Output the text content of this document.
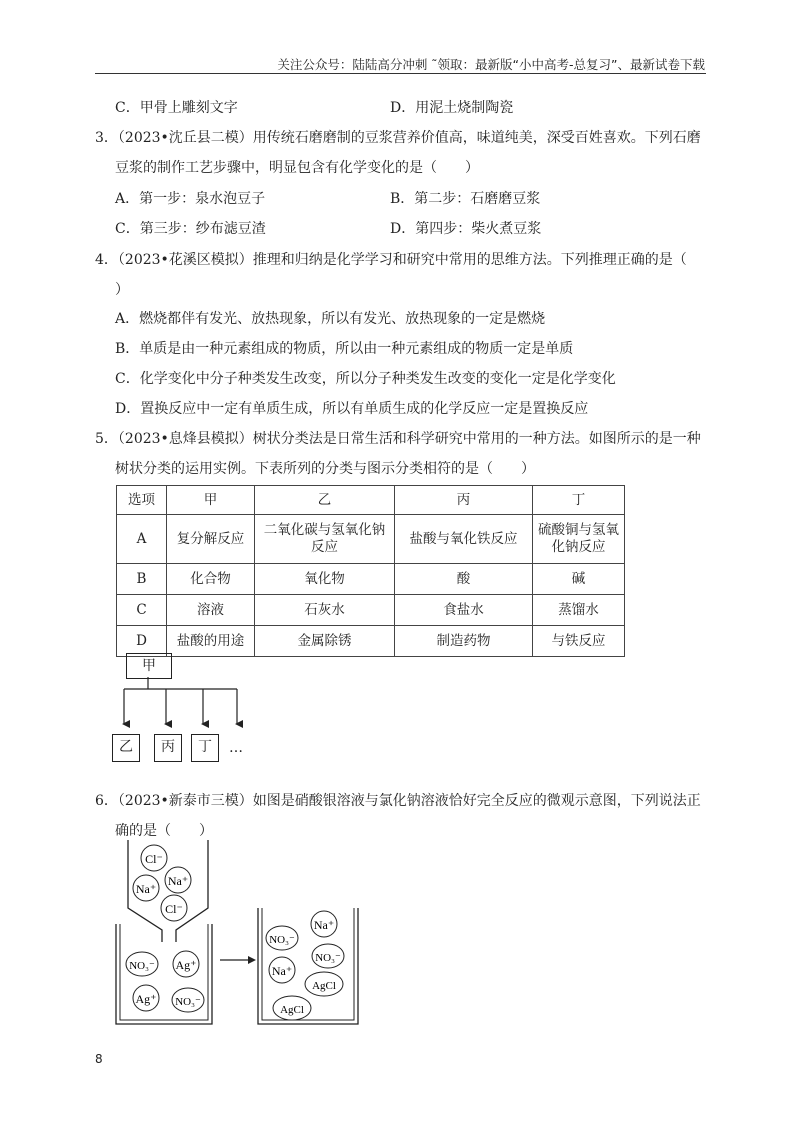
关注公众号：陆陆高分冲刺 ˜领取：最新版“小中高考-总复习”、最新试卷下载
C．甲骨上雕刻文字	D．用泥土烧制陶瓷
3．（2023•沈丘县二模）用传统石磨磨制的豆浆营养价值高，味道纯美，深受百姓喜欢。下列石磨
豆浆的制作工艺步骤中，明显包含有化学变化的是（　　）
A．第一步：泉水泡豆子	B．第二步：石磨磨豆浆
C．第三步：纱布滤豆渣	D．第四步：柴火煮豆浆
4．（2023•花溪区模拟）推理和归纳是化学学习和研究中常用的思维方法。下列推理正确的是（
）
A．燃烧都伴有发光、放热现象，所以有发光、放热现象的一定是燃烧
B．单质是由一种元素组成的物质，所以由一种元素组成的物质一定是单质
C．化学变化中分子种类发生改变，所以分子种类发生改变的变化一定是化学变化
D．置换反应中一定有单质生成，所以有单质生成的化学反应一定是置换反应
5．（2023•息烽县模拟）树状分类法是日常生活和科学研究中常用的一种方法。如图所示的是一种
树状分类的运用实例。下表所列的分类与图示分类相符的是（　　）
选项	甲	乙	丙	丁
A	复分解反应	二氧化碳与氢氧化钠反应	盐酸与氧化铁反应	硫酸铜与氢氧化钠反应
B	化合物	氧化物	酸	碱
C	溶液	石灰水	食盐水	蒸馏水
D	盐酸的用途	金属除锈	制造药物	与铁反应
甲
乙	丙	丁	…
6．（2023•新泰市三模）如图是硝酸银溶液与氯化钠溶液恰好完全反应的微观示意图，下列说法正
确的是（　　）
Cl⁻
Na⁺
Na⁺
Cl⁻
NO₃⁻ Ag⁺
Ag⁺ NO₃⁻
Na⁺
NO₃⁻
NO₃⁻
Na⁺
AgCl
AgCl
8
